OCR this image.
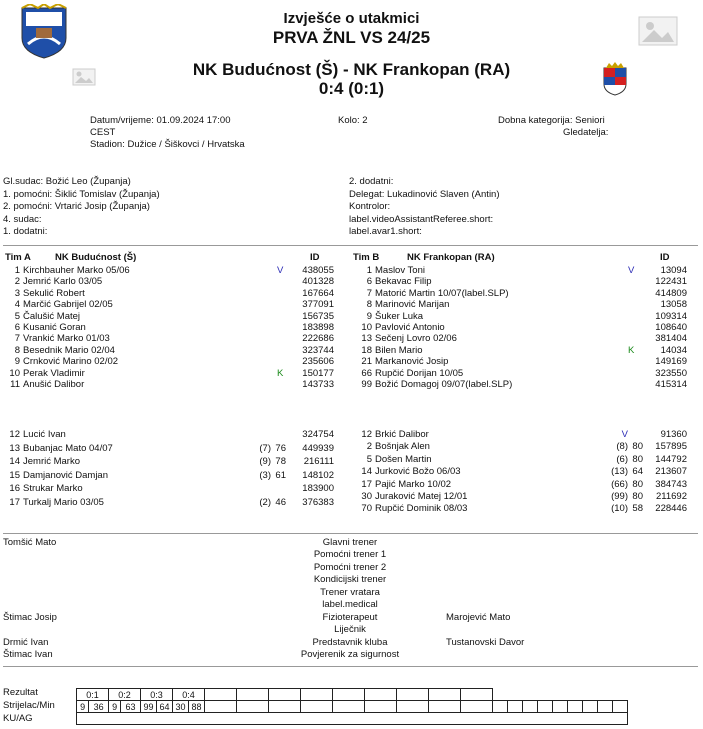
Izvješće o utakmici
PRVA ŽNL VS 24/25
NK Budućnost (Š) - NK Frankopan (RA)
0:4 (0:1)
Datum/vrijeme: 01.09.2024 17:00
CEST
Stadion: Dužice / Šiškovci / Hrvatska
Kolo: 2	Dobna kategorija: Seniori
Gledatelja:
Gl.sudac: Božić Leo (Županja)
1. pomoćni: Šiklić Tomislav (Županja)
2. pomoćni: Vrtarić Josip (Županja)
4. sudac:
1. dodatni:
2. dodatni:
Delegat: Lukadinović Slaven (Antin)
Kontrolor:
label.videoAssistantReferee.short:
label.avar1.short:
Tim A	NK Budućnost (Š)	ID	Tim B	NK Frankopan (RA)	ID
1 Kirchbauher Marko 05/06	V	438055
2 Jemrić Karlo 03/05	401328
3 Sekulić Robert	167664
4 Marčić Gabrijel 02/05	377091
5 Čalušić Matej	156735
6 Kusanić Goran	183898
7 Vrankić Marko 01/03	222686
8 Besednik Mario 02/04	323744
9 Crnković Marino 02/02	235606
10 Perak Vladimir	K	150177
11 Anušić Dalibor	143733
1 Maslov Toni	V	13094
6 Bekavac Filip	122431
7 Matorić Martin 10/07(label.SLP)	414809
8 Marinović Marijan	13058
9 Šuker Luka	109314
10 Pavlović Antonio	108640
13 Sečenj Lovro 02/06	381404
18 Bilen Mario	K	14034
21 Markanović Josip	149169
66 Rupčić Dorijan 10/05	323550
99 Božić Domagoj 09/07(label.SLP)	415314
12 Lucić Ivan	324754
13 Bubanjac Mato 04/07	(7) 76	449939
14 Jemrić Marko	(9) 78	216111
15 Damjanović Damjan	(3) 61	148102
16 Strukar Marko	183900
17 Turkalj Mario 03/05	(2) 46	376383
12 Brkić Dalibor	V	91360
2 Bošnjak Alen	(8) 80	157895
5 Došen Martin	(6) 80	144792
14 Jurković Božo 06/03	(13) 64	213607
17 Pajić Marko 10/02	(66) 80	384743
30 Juraković Matej 12/01	(99) 80	211692
70 Rupčić Dominik 08/03	(10) 58	228446
Tomšić Mato	Glavni trener
Pomoćni trener 1
Pomoćni trener 2
Kondicijski trener
Trener vratara
label.medical
Štimac Josip	Fizioterapeut	Marojević Mato
Liječnik
Drmić Ivan	Predstavnik kluba	Tustanovski Davor
Štimac Ivan	Povjerenik za sigurnost
Rezultat
Strijelac/Min
KU/AG
0:1		0:2		0:3		0:4																			
9	36	9	63	99	64	30	88																		
